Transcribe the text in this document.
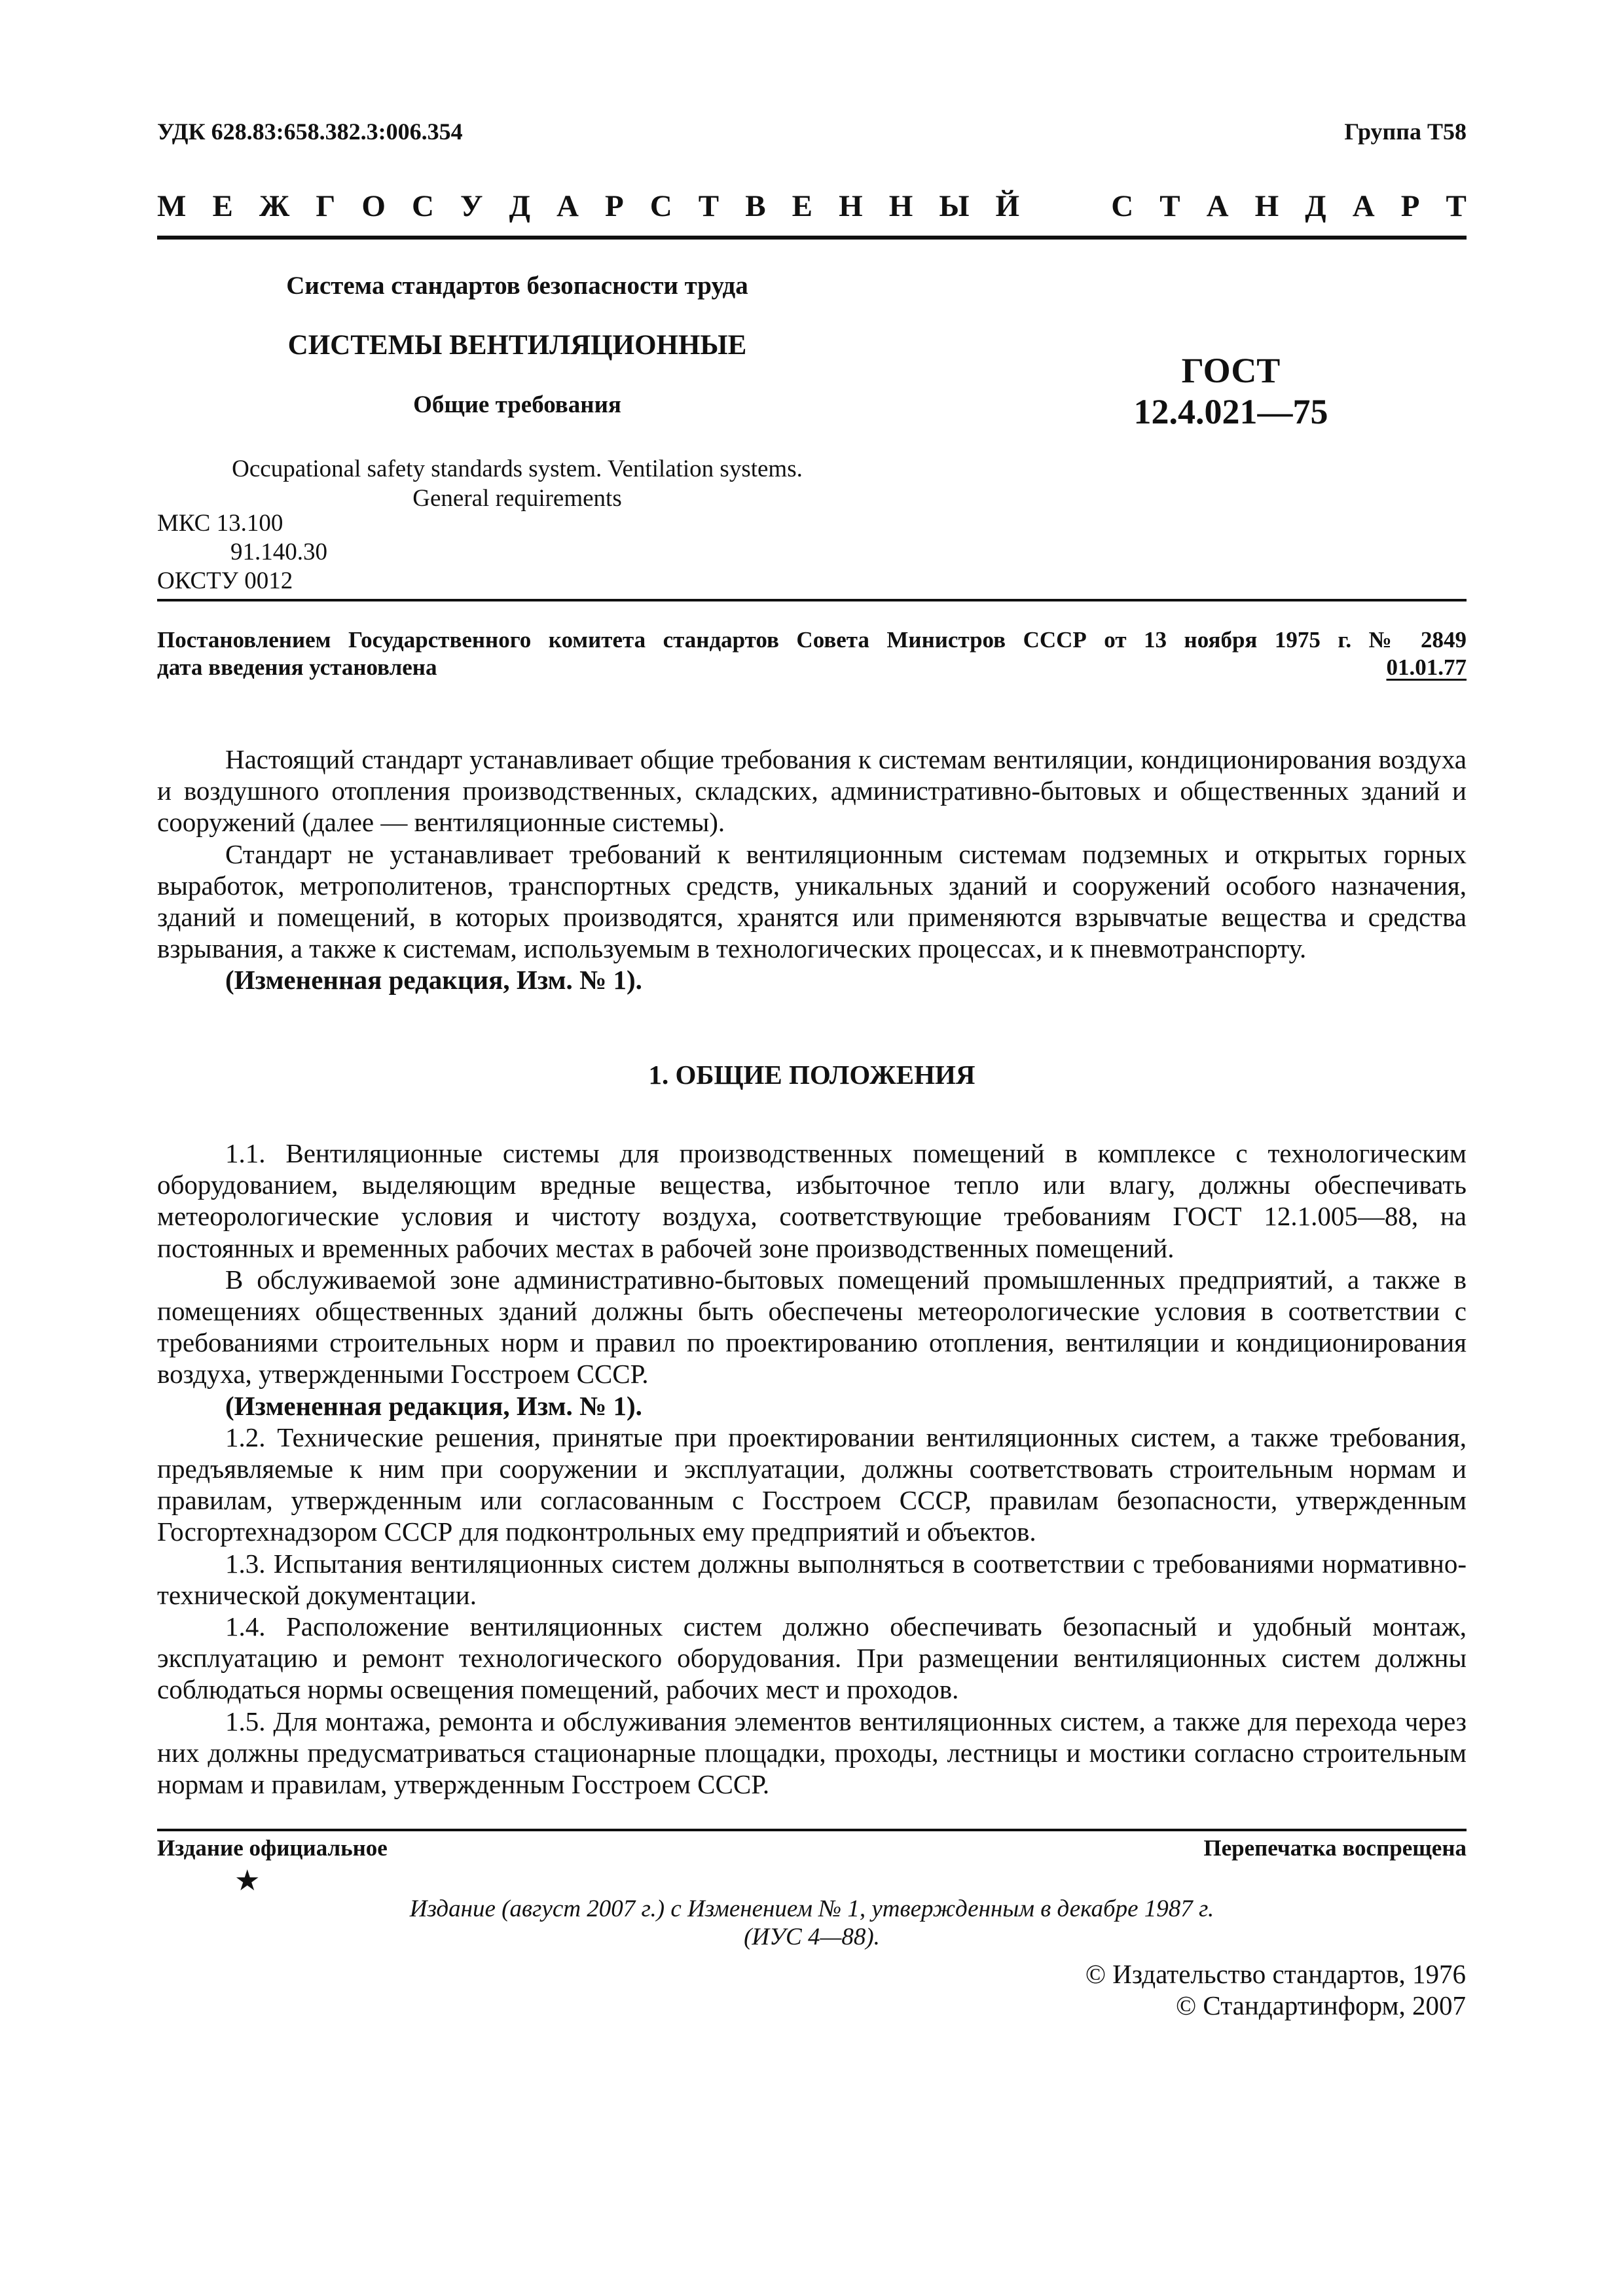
УДК 628.83:658.382.3:006.354	Группа Т58
М Е Ж Г О С У Д А Р С Т В Е Н Н Ы Й	С Т А Н Д А Р Т
Система стандартов безопасности труда
СИСТЕМЫ ВЕНТИЛЯЦИОННЫЕ
Общие требования
Occupational safety standards system. Ventilation systems.
General requirements
ГОСТ
12.4.021—75
МКС 13.100
91.140.30
ОКСТУ 0012
Постановлением Государственного комитета стандартов Совета Министров СССР от 13 ноября 1975 г. № 2849
дата введения установлена	01.01.77

Настоящий стандарт устанавливает общие требования к системам вентиляции, кондиционирования воздуха и воздушного отопления производственных, складских, административно-бытовых и общественных зданий и сооружений (далее — вентиляционные системы).

Стандарт не устанавливает требований к вентиляционным системам подземных и открытых горных выработок, метрополитенов, транспортных средств, уникальных зданий и сооружений особого назначения, зданий и помещений, в которых производятся, хранятся или применяются взрывчатые вещества и средства взрывания, а также к системам, используемым в технологических процессах, и к пневмотранспорту.

(Измененная редакция, Изм. № 1).

1. ОБЩИЕ ПОЛОЖЕНИЯ

1.1. Вентиляционные системы для производственных помещений в комплексе с технологическим оборудованием, выделяющим вредные вещества, избыточное тепло или влагу, должны обеспечивать метеорологические условия и чистоту воздуха, соответствующие требованиям ГОСТ 12.1.005—88, на постоянных и временных рабочих местах в рабочей зоне производственных помещений.

В обслуживаемой зоне административно-бытовых помещений промышленных предприятий, а также в помещениях общественных зданий должны быть обеспечены метеорологические условия в соответствии с требованиями строительных норм и правил по проектированию отопления, вентиляции и кондиционирования воздуха, утвержденными Госстроем СССР.

(Измененная редакция, Изм. № 1).

1.2. Технические решения, принятые при проектировании вентиляционных систем, а также требования, предъявляемые к ним при сооружении и эксплуатации, должны соответствовать строительным нормам и правилам, утвержденным или согласованным с Госстроем СССР, правилам безопасности, утвержденным Госгортехнадзором СССР для подконтрольных ему предприятий и объектов.

1.3. Испытания вентиляционных систем должны выполняться в соответствии с требованиями нормативно-технической документации.

1.4. Расположение вентиляционных систем должно обеспечивать безопасный и удобный монтаж, эксплуатацию и ремонт технологического оборудования. При размещении вентиляционных систем должны соблюдаться нормы освещения помещений, рабочих мест и проходов.

1.5. Для монтажа, ремонта и обслуживания элементов вентиляционных систем, а также для перехода через них должны предусматриваться стационарные площадки, проходы, лестницы и мостики согласно строительным нормам и правилам, утвержденным Госстроем СССР.

Издание официальное	Перепечатка воспрещена
★
Издание (август 2007 г.) с Изменением № 1, утвержденным в декабре 1987 г.
(ИУС 4—88).
© Издательство стандартов, 1976
© Стандартинформ, 2007
